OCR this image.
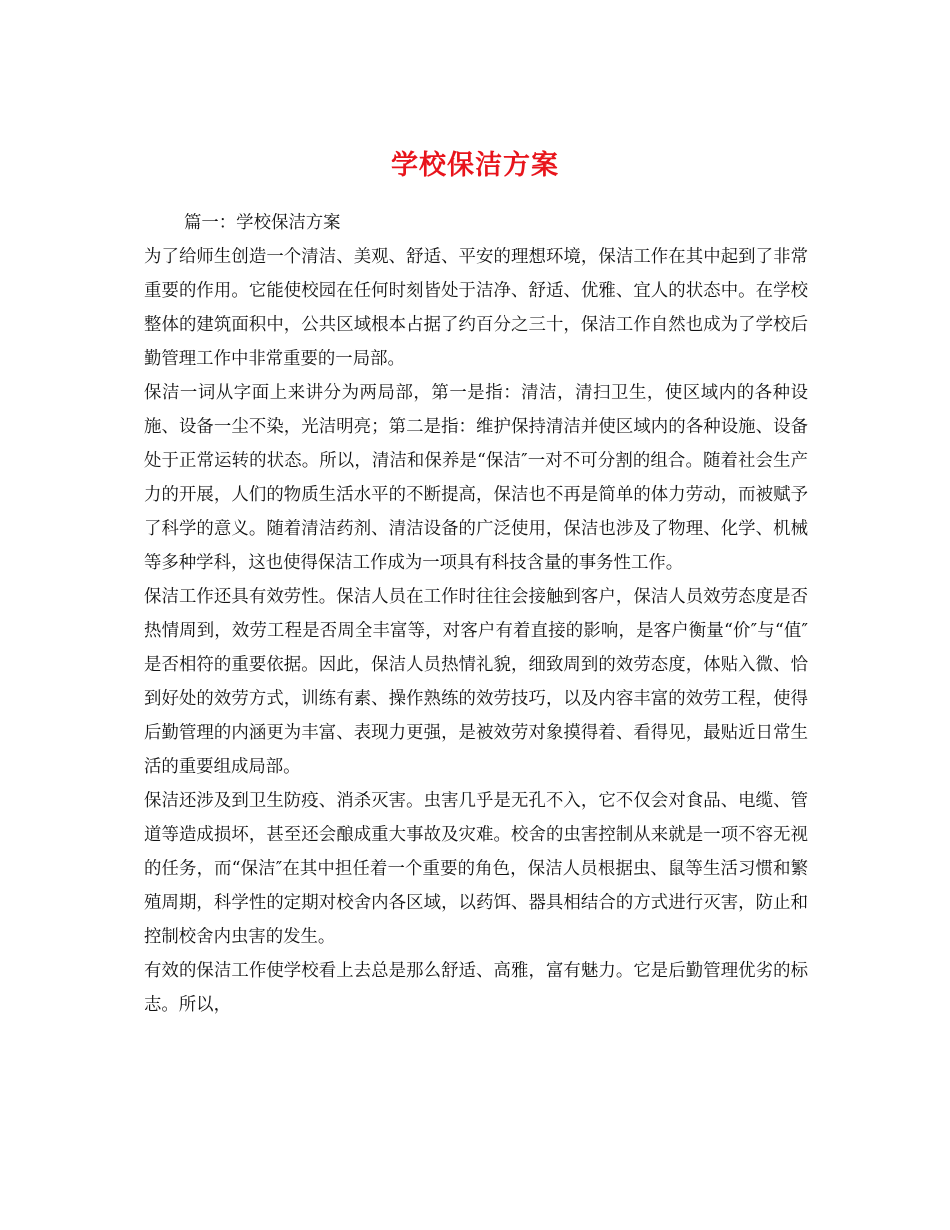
学校保洁方案

篇一：学校保洁方案

为了给师生创造一个清洁、美观、舒适、平安的理想环境，保洁工作在其中起到了非常重要的作用。它能使校园在任何时刻皆处于洁净、舒适、优雅、宜人的状态中。在学校整体的建筑面积中，公共区域根本占据了约百分之三十，保洁工作自然也成为了学校后勤管理工作中非常重要的一局部。

保洁一词从字面上来讲分为两局部，第一是指：清洁，清扫卫生，使区域内的各种设施、设备一尘不染，光洁明亮；第二是指：维护保持清洁并使区域内的各种设施、设备处于正常运转的状态。所以，清洁和保养是“保洁″一对不可分割的组合。随着社会生产力的开展，人们的物质生活水平的不断提高，保洁也不再是简单的体力劳动，而被赋予了科学的意义。随着清洁药剂、清洁设备的广泛使用，保洁也涉及了物理、化学、机械等多种学科，这也使得保洁工作成为一项具有科技含量的事务性工作。

保洁工作还具有效劳性。保洁人员在工作时往往会接触到客户，保洁人员效劳态度是否热情周到，效劳工程是否周全丰富等，对客户有着直接的影响，是客户衡量“价″与“值″是否相符的重要依据。因此，保洁人员热情礼貌，细致周到的效劳态度，体贴入微、恰到好处的效劳方式，训练有素、操作熟练的效劳技巧，以及内容丰富的效劳工程，使得后勤管理的内涵更为丰富、表现力更强，是被效劳对象摸得着、看得见，最贴近日常生活的重要组成局部。

保洁还涉及到卫生防疫、消杀灭害。虫害几乎是无孔不入，它不仅会对食品、电缆、管道等造成损坏，甚至还会酿成重大事故及灾难。校舍的虫害控制从来就是一项不容无视的任务，而“保洁″在其中担任着一个重要的角色，保洁人员根据虫、鼠等生活习惯和繁殖周期，科学性的定期对校舍内各区域，以药饵、器具相结合的方式进行灭害，防止和控制校舍内虫害的发生。

有效的保洁工作使学校看上去总是那么舒适、高雅，富有魅力。它是后勤管理优劣的标志。所以，
